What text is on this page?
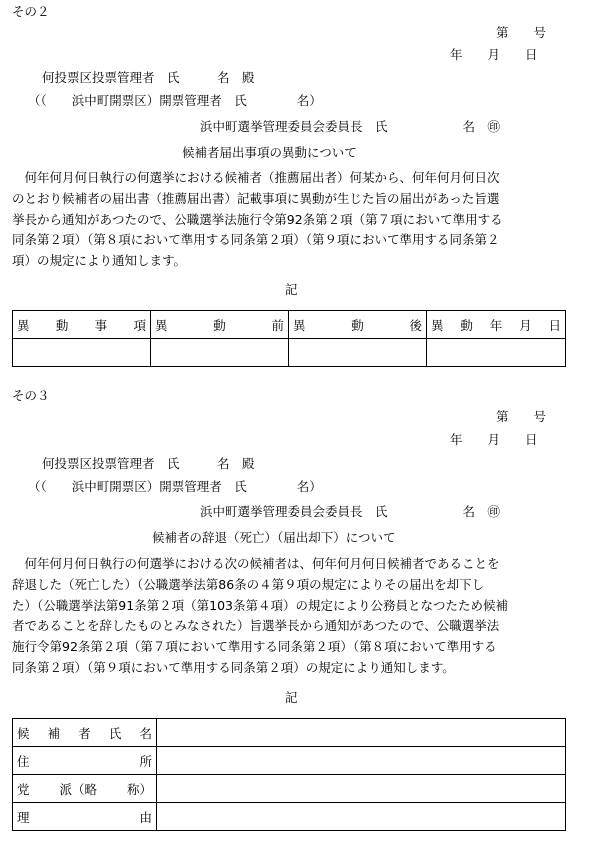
その２
第　　号
年　　月　　日
何投票区投票管理者　氏　　　名　殿
（（　　浜中町開票区）開票管理者　氏　　　　名）
浜中町選挙管理委員会委員長　氏　　　　　　名　㊞
候補者届出事項の異動について
　何年何月何日執行の何選挙における候補者（推薦届出者）何某から、何年何月何日次
のとおり候補者の届出書（推薦届出書）記載事項に異動が生じた旨の届出があった旨選
挙長から通知があつたので、公職選挙法施行令第92条第２項（第７項において準用する
同条第２項）（第８項において準用する同条第２項）（第９項において準用する同条第２
項）の規定により通知します。
記
異 動 事 項	異 動 前	異 動 後	異 動 年 月 日

その３
第　　号
年　　月　　日
何投票区投票管理者　氏　　　名　殿
（（　　浜中町開票区）開票管理者　氏　　　　名）
浜中町選挙管理委員会委員長　氏　　　　　　名　㊞
候補者の辞退（死亡）（届出却下）について
　何年何月何日執行の何選挙における次の候補者は、何年何月何日候補者であることを
辞退した（死亡した）（公職選挙法第86条の４第９項の規定によりその届出を却下し
た）（公職選挙法第91条第２項（第103条第４項）の規定により公務員となつたため候補
者であることを辞したものとみなされた）旨選挙長から通知があつたので、公職選挙法
施行令第92条第２項（第７項において準用する同条第２項）（第８項において準用する
同条第２項）（第９項において準用する同条第２項）の規定により通知します。
記
候 補 者 氏 名	

住 所	

党 派（略 称）	

理 由	
